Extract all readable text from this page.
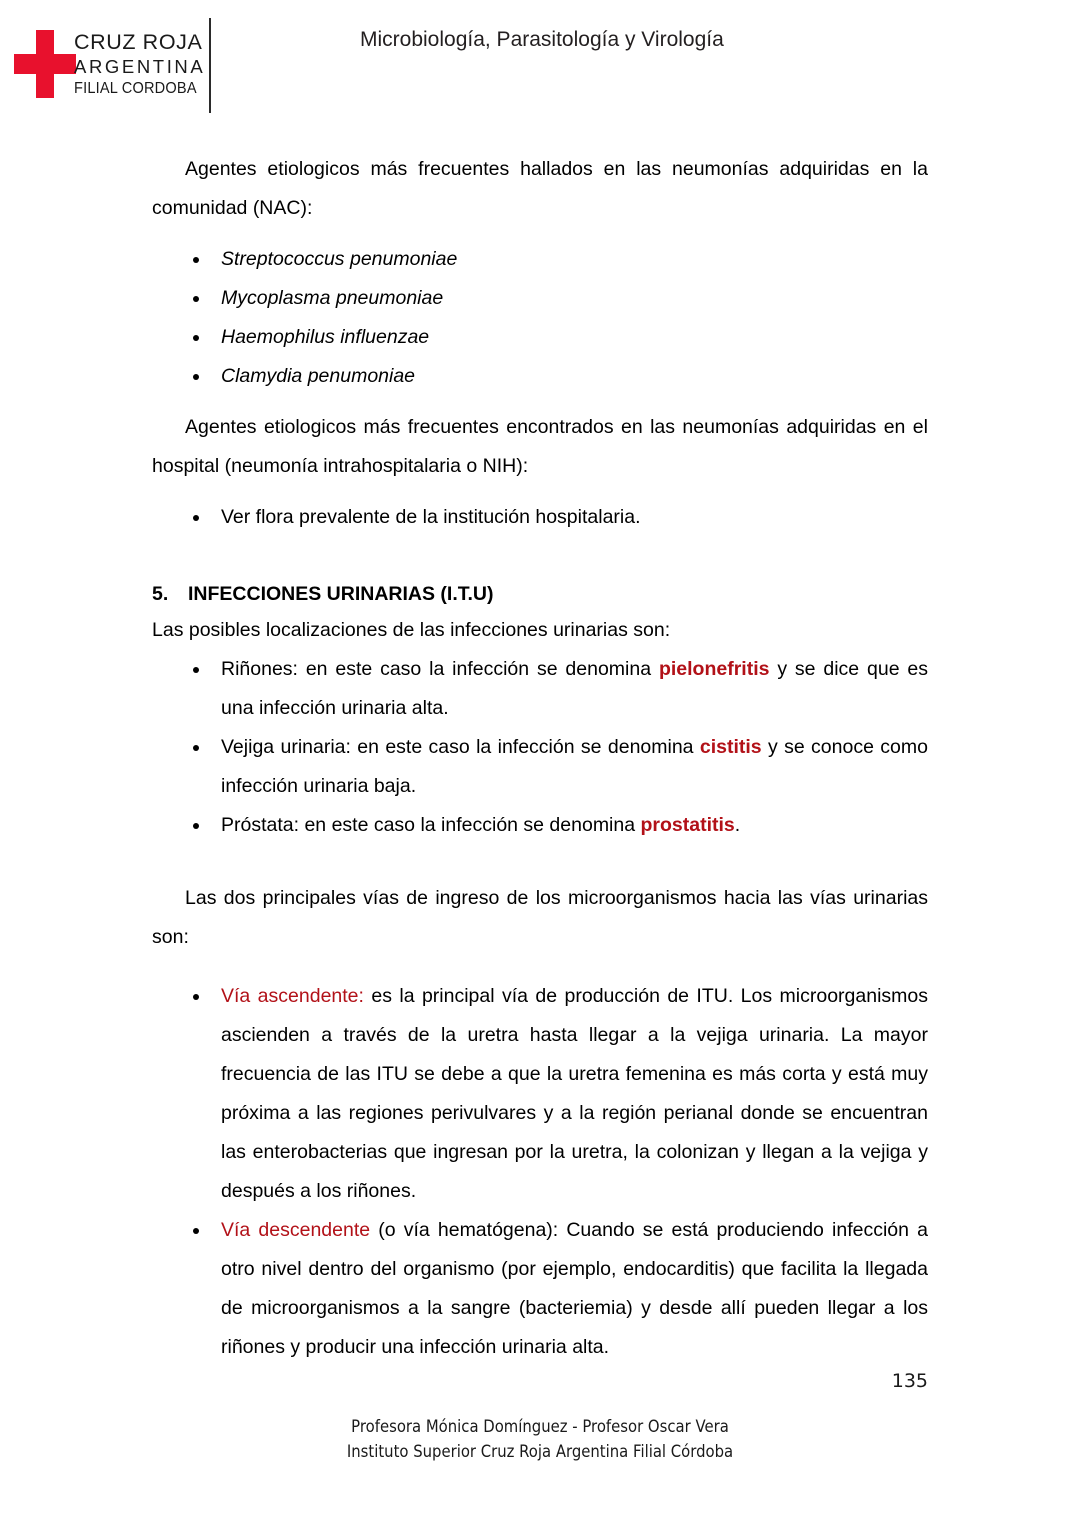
CRUZ ROJA
ARGENTINA
FILIAL CORDOBA
Microbiología, Parasitología y Virología

Agentes etiologicos más frecuentes hallados en las neumonías adquiridas en la comunidad (NAC):

Streptococcus penumoniae
Mycoplasma pneumoniae
Haemophilus influenzae
Clamydia penumoniae

Agentes etiologicos más frecuentes encontrados en las neumonías adquiridas en el hospital (neumonía intrahospitalaria o NIH):

Ver flora prevalente de la institución hospitalaria.

5. INFECCIONES URINARIAS (I.T.U)

Las posibles localizaciones de las infecciones urinarias son:

Riñones: en este caso la infección se denomina pielonefritis y se dice que es una infección urinaria alta.
Vejiga urinaria: en este caso la infección se denomina cistitis y se conoce como infección urinaria baja.
Próstata: en este caso la infección se denomina prostatitis.

Las dos principales vías de ingreso de los microorganismos hacia las vías urinarias son:

Vía ascendente: es la principal vía de producción de ITU. Los microorganismos ascienden a través de la uretra hasta llegar a la vejiga urinaria. La mayor frecuencia de las ITU se debe a que la uretra femenina es más corta y está muy próxima a las regiones perivulvares y a la región perianal donde se encuentran las enterobacterias que ingresan por la uretra, la colonizan y llegan a la vejiga y después a los riñones.
Vía descendente (o vía hematógena): Cuando se está produciendo infección a otro nivel dentro del organismo (por ejemplo, endocarditis) que facilita la llegada de microorganismos a la sangre (bacteriemia) y desde allí pueden llegar a los riñones y producir una infección urinaria alta.
135
Profesora Mónica Domínguez - Profesor Oscar Vera
Instituto Superior Cruz Roja Argentina Filial Córdoba
